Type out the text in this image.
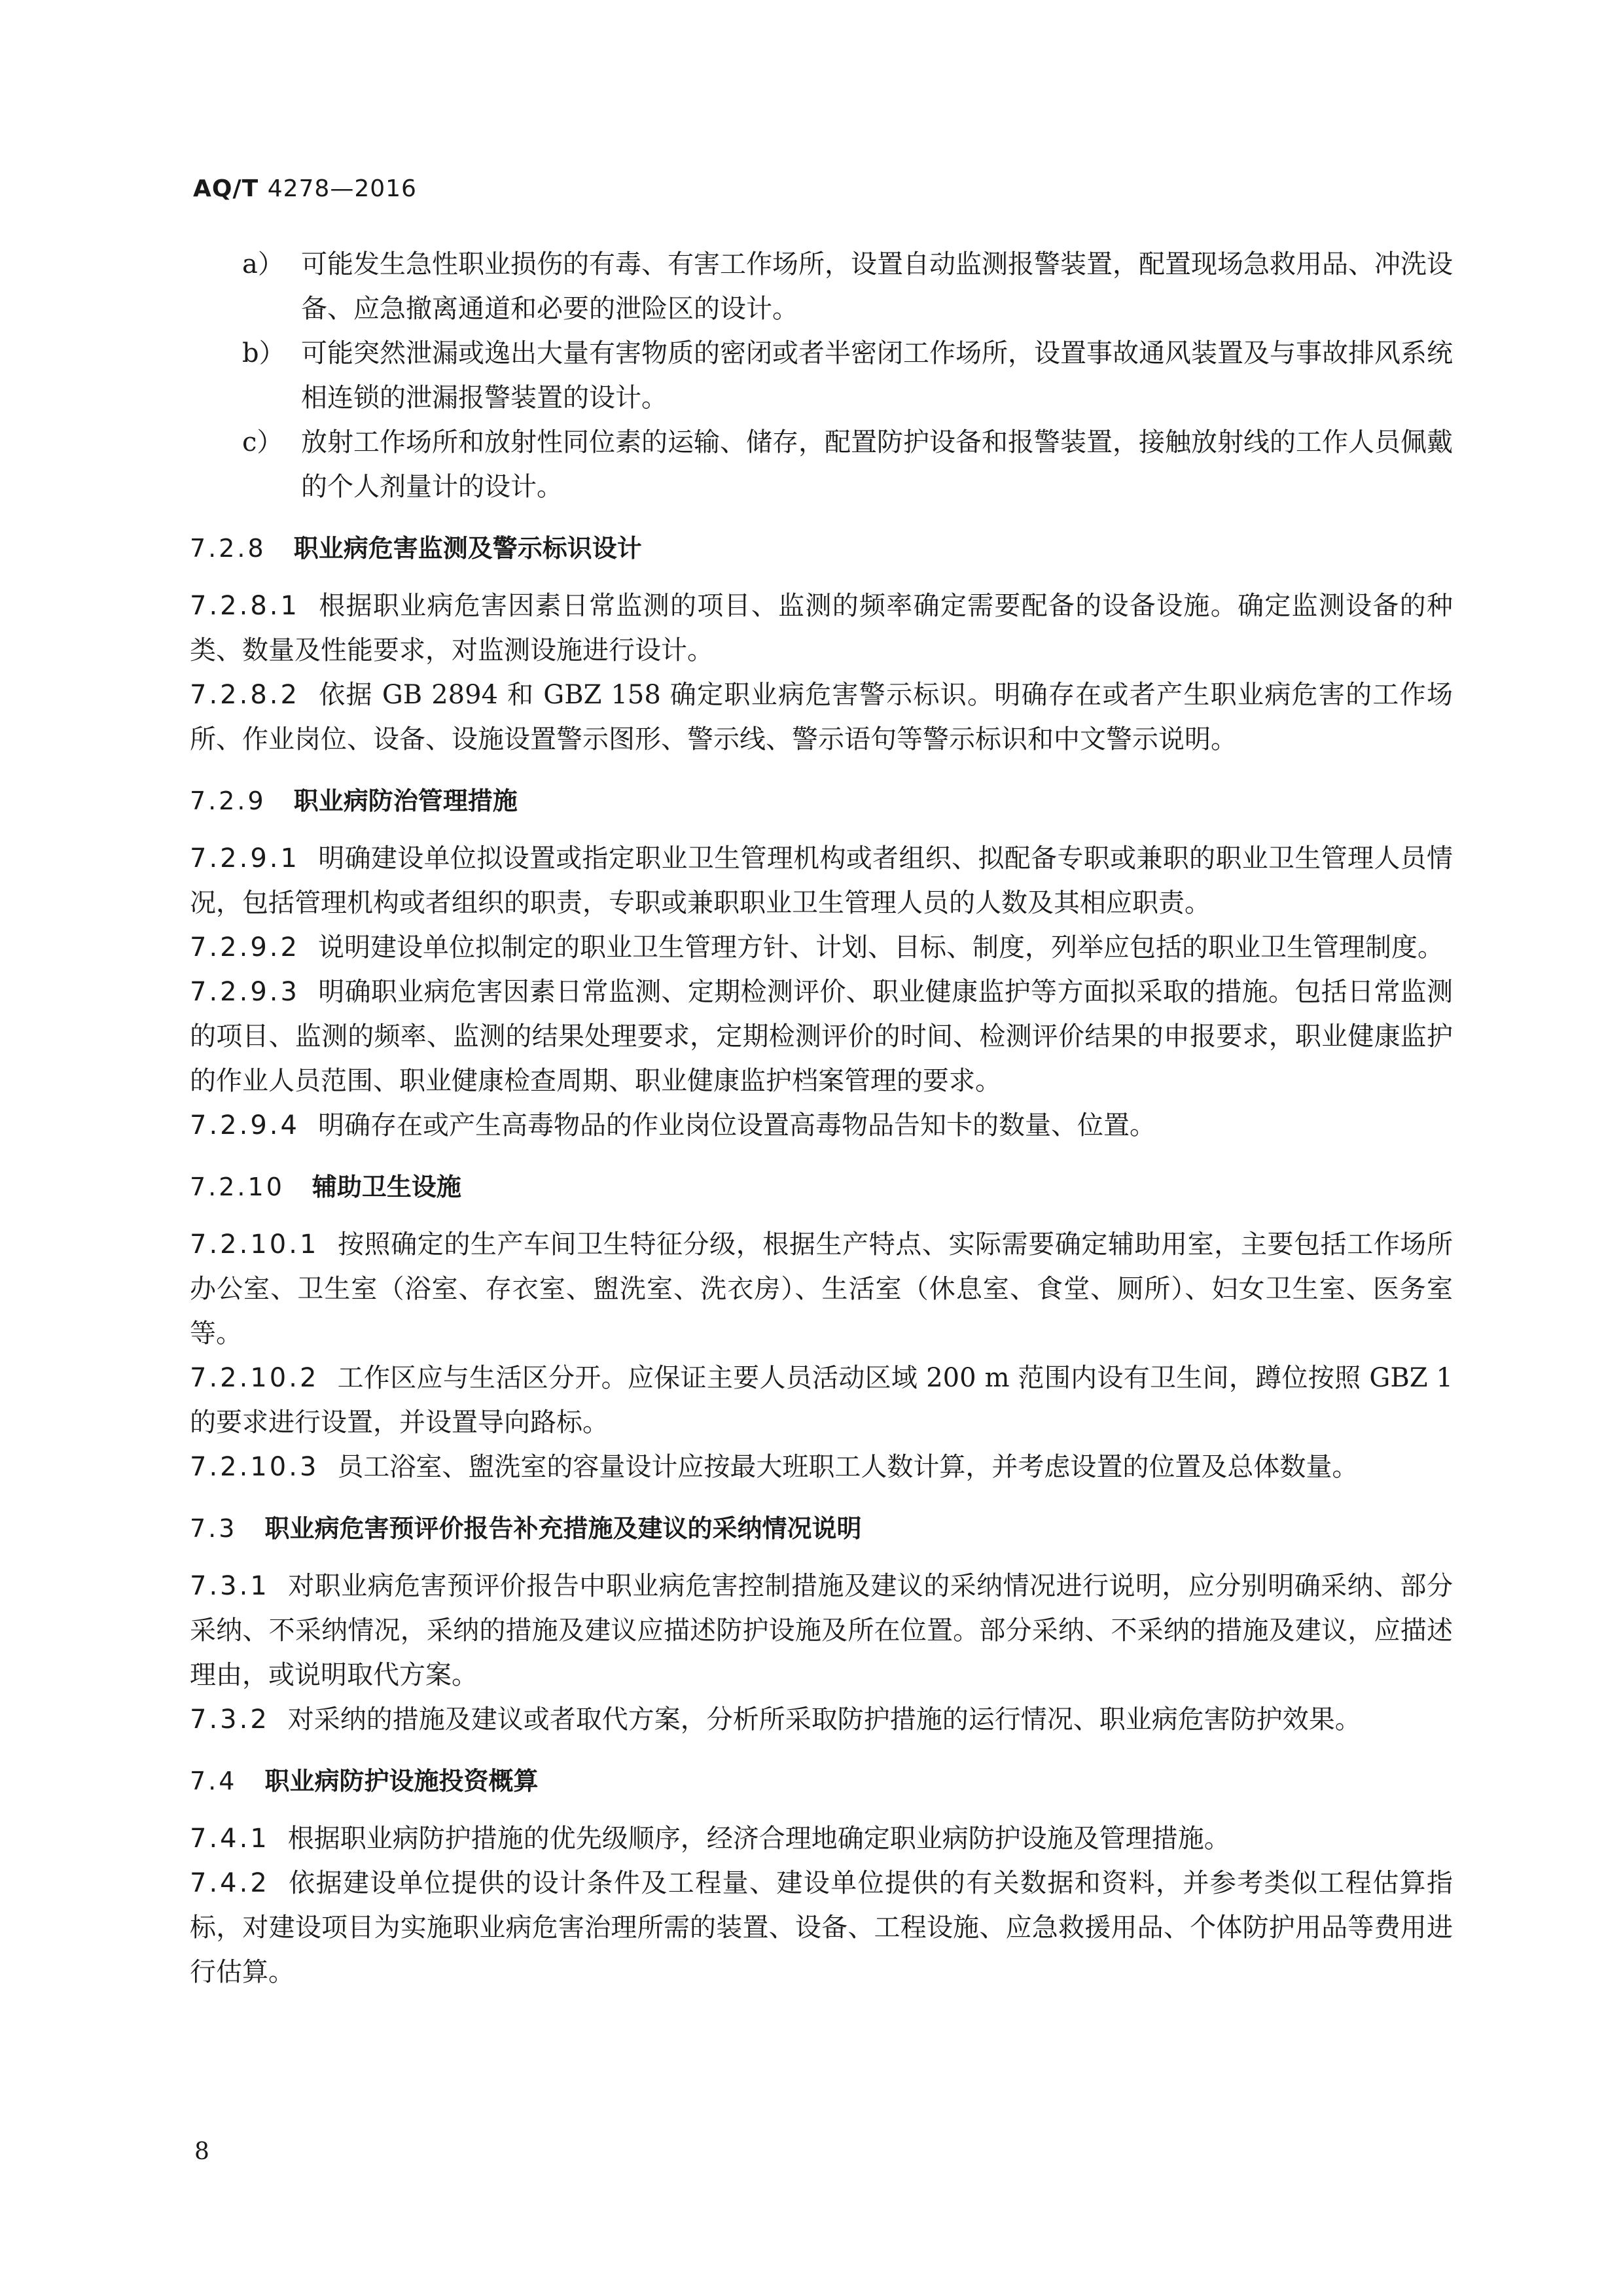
AQ/T 4278—2016
a） 可能发生急性职业损伤的有毒、有害工作场所，设置自动监测报警装置，配置现场急救用品、冲洗设备、应急撤离通道和必要的泄险区的设计。
b） 可能突然泄漏或逸出大量有害物质的密闭或者半密闭工作场所，设置事故通风装置及与事故排风系统相连锁的泄漏报警装置的设计。
c） 放射工作场所和放射性同位素的运输、储存，配置防护设备和报警装置，接触放射线的工作人员佩戴的个人剂量计的设计。
7.2.8 职业病危害监测及警示标识设计
7.2.8.1 根据职业病危害因素日常监测的项目、监测的频率确定需要配备的设备设施。确定监测设备的种类、数量及性能要求，对监测设施进行设计。
7.2.8.2 依据 GB 2894 和 GBZ 158 确定职业病危害警示标识。明确存在或者产生职业病危害的工作场所、作业岗位、设备、设施设置警示图形、警示线、警示语句等警示标识和中文警示说明。
7.2.9 职业病防治管理措施
7.2.9.1 明确建设单位拟设置或指定职业卫生管理机构或者组织、拟配备专职或兼职的职业卫生管理人员情况，包括管理机构或者组织的职责，专职或兼职职业卫生管理人员的人数及其相应职责。
7.2.9.2 说明建设单位拟制定的职业卫生管理方针、计划、目标、制度，列举应包括的职业卫生管理制度。
7.2.9.3 明确职业病危害因素日常监测、定期检测评价、职业健康监护等方面拟采取的措施。包括日常监测的项目、监测的频率、监测的结果处理要求，定期检测评价的时间、检测评价结果的申报要求，职业健康监护的作业人员范围、职业健康检查周期、职业健康监护档案管理的要求。
7.2.9.4 明确存在或产生高毒物品的作业岗位设置高毒物品告知卡的数量、位置。
7.2.10 辅助卫生设施
7.2.10.1 按照确定的生产车间卫生特征分级，根据生产特点、实际需要确定辅助用室，主要包括工作场所办公室、卫生室（浴室、存衣室、盥洗室、洗衣房）、生活室（休息室、食堂、厕所）、妇女卫生室、医务室等。
7.2.10.2 工作区应与生活区分开。应保证主要人员活动区域 200 m 范围内设有卫生间，蹲位按照 GBZ 1 的要求进行设置，并设置导向路标。
7.2.10.3 员工浴室、盥洗室的容量设计应按最大班职工人数计算，并考虑设置的位置及总体数量。
7.3 职业病危害预评价报告补充措施及建议的采纳情况说明
7.3.1 对职业病危害预评价报告中职业病危害控制措施及建议的采纳情况进行说明，应分别明确采纳、部分采纳、不采纳情况，采纳的措施及建议应描述防护设施及所在位置。部分采纳、不采纳的措施及建议，应描述理由，或说明取代方案。
7.3.2 对采纳的措施及建议或者取代方案，分析所采取防护措施的运行情况、职业病危害防护效果。
7.4 职业病防护设施投资概算
7.4.1 根据职业病防护措施的优先级顺序，经济合理地确定职业病防护设施及管理措施。
7.4.2 依据建设单位提供的设计条件及工程量、建设单位提供的有关数据和资料，并参考类似工程估算指标，对建设项目为实施职业病危害治理所需的装置、设备、工程设施、应急救援用品、个体防护用品等费用进行估算。
8
